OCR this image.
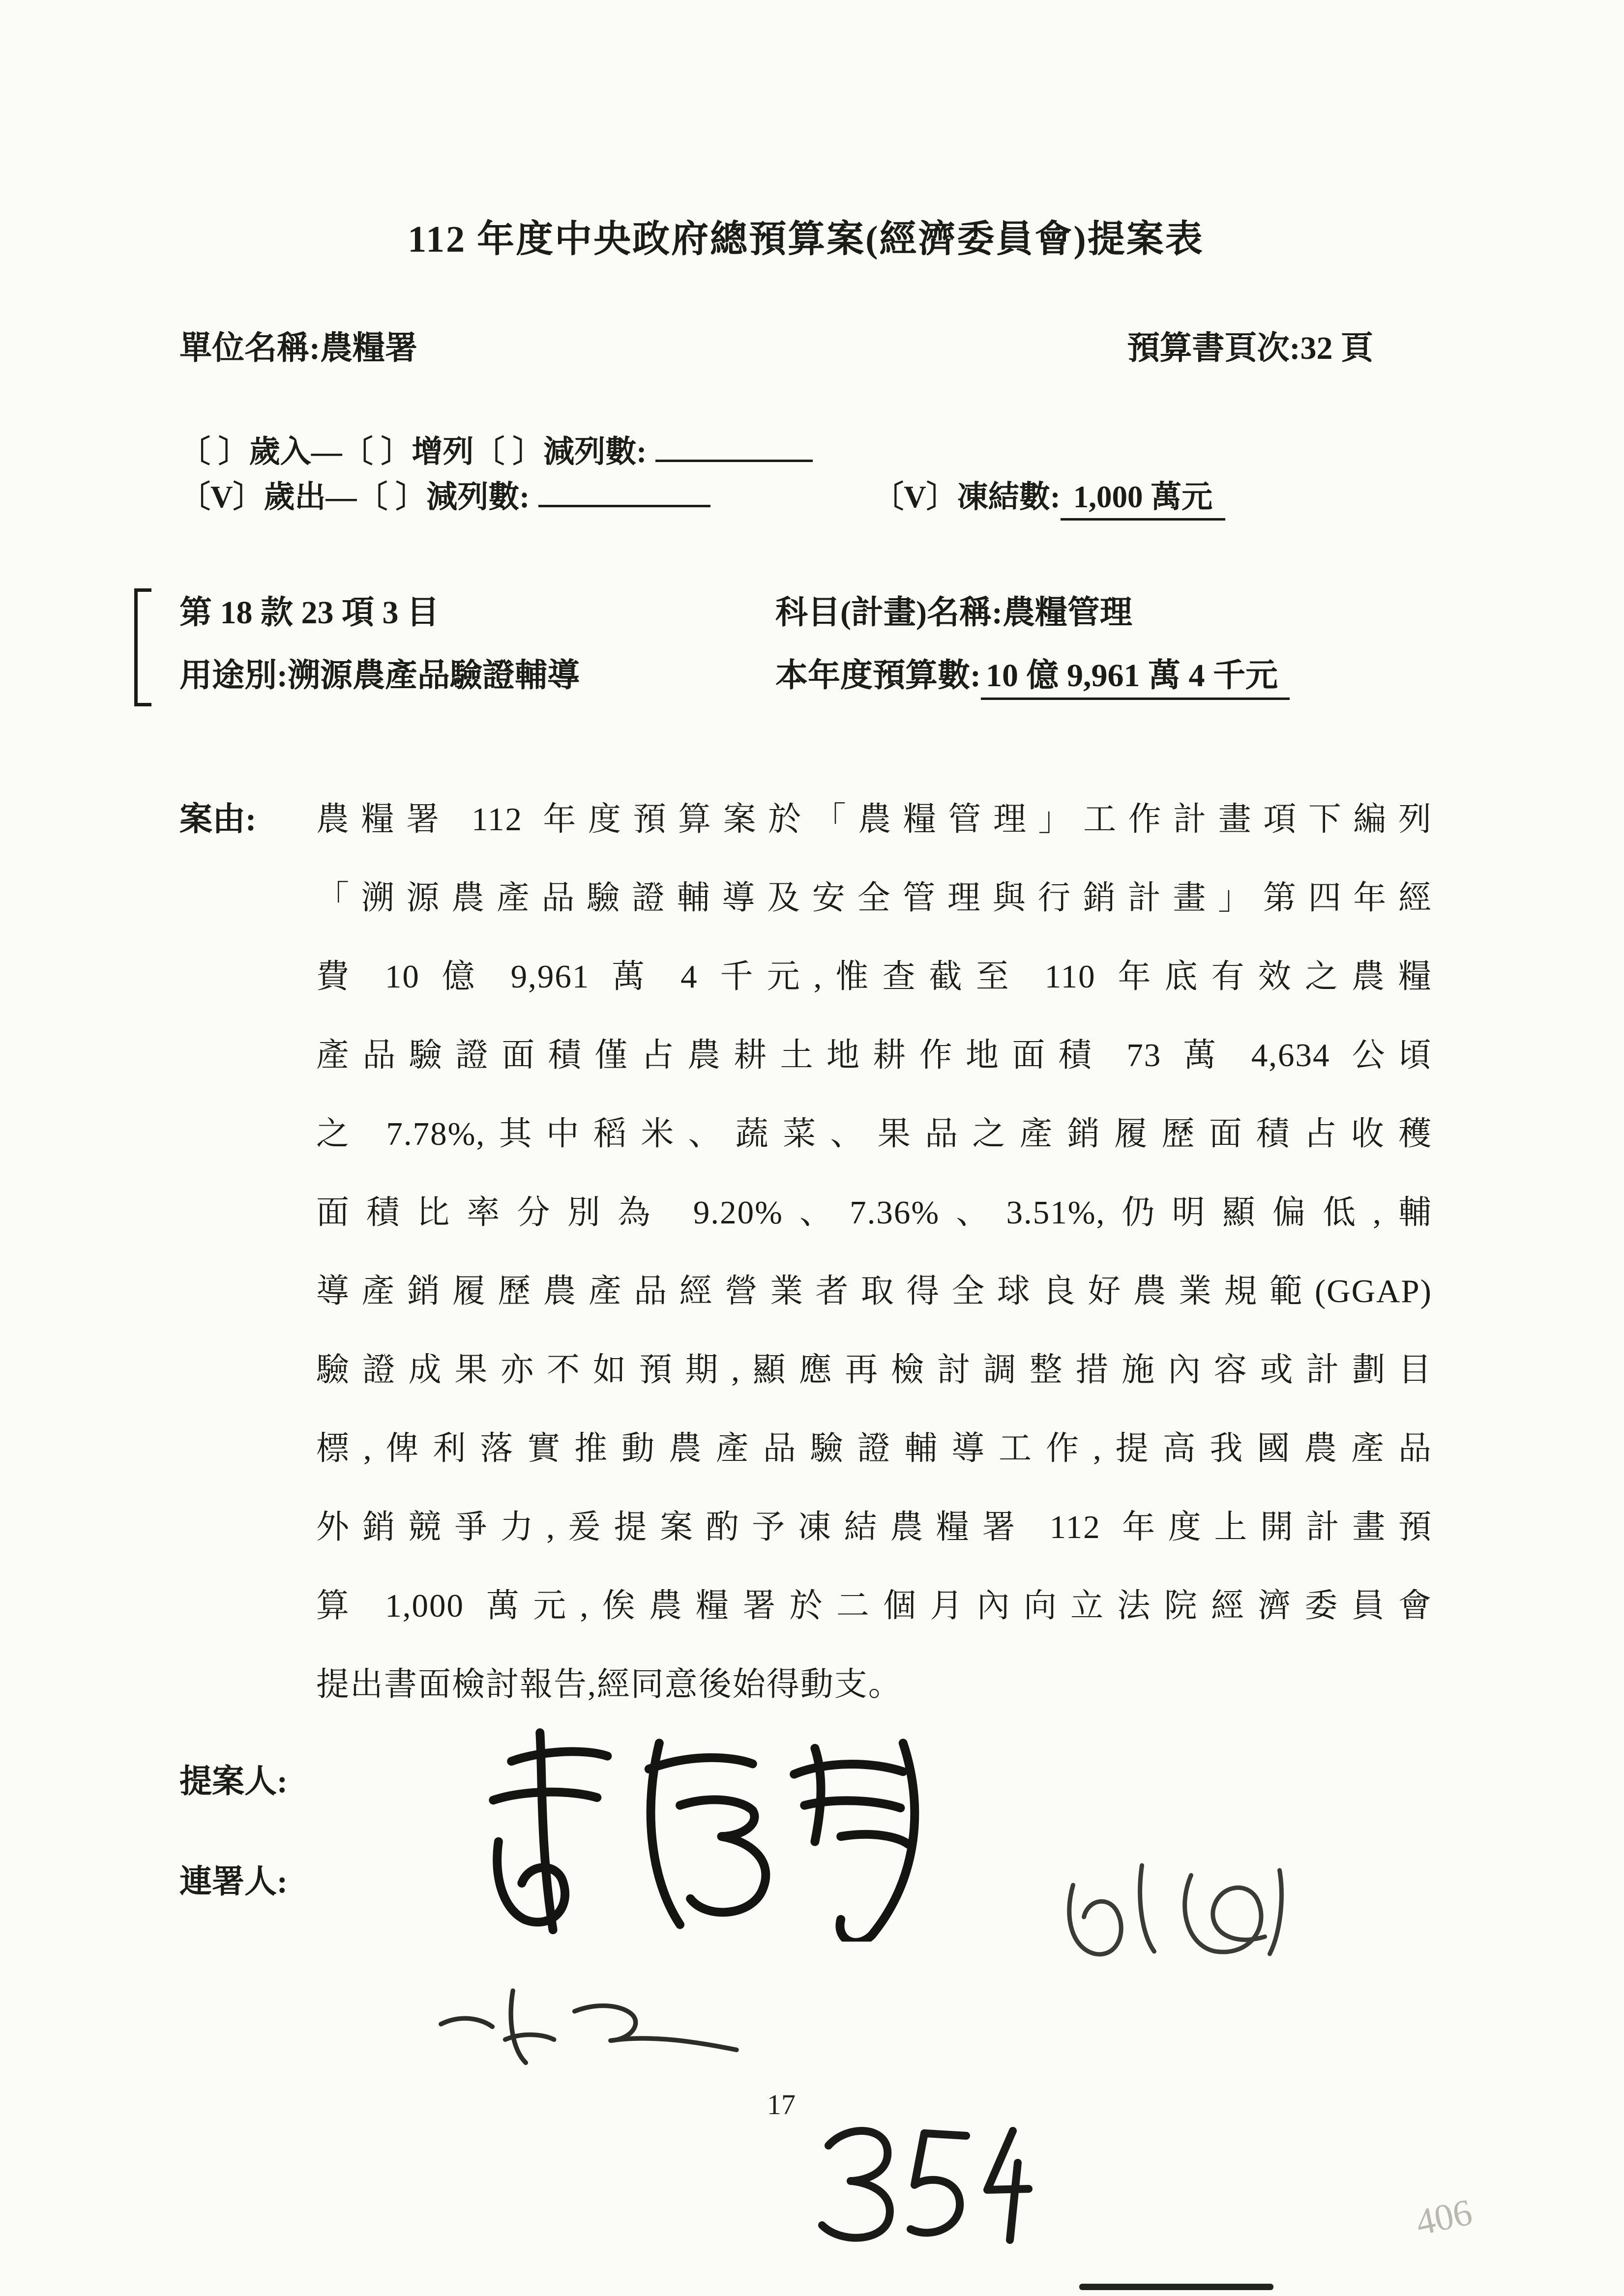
112 年度中央政府總預算案(經濟委員會)提案表
單位名稱:農糧署	預算書頁次:32 頁
〔 〕歲入—〔 〕增列〔 〕減列數:
〔V〕歲出—〔 〕減列數:	〔V〕凍結數: 1,000 萬元
第 18 款 23 項 3 目	科目(計畫)名稱:農糧管理
用途別:溯源農產品驗證輔導	本年度預算數: 10 億 9,961 萬 4 千元
案由: 農糧署 112 年度預算案於「農糧管理」工作計畫項下編列
「溯源農產品驗證輔導及安全管理與行銷計畫」第四年經
費 10 億 9,961 萬 4 千元,惟查截至 110 年底有效之農糧
產品驗證面積僅占農耕土地耕作地面積 73 萬 4,634 公頃
之 7.78%,其中稻米、蔬菜、果品之產銷履歷面積占收穫
面積比率分別為 9.20%、7.36%、3.51%,仍明顯偏低,輔
導產銷履歷農產品經營業者取得全球良好農業規範(GGAP)
驗證成果亦不如預期,顯應再檢討調整措施內容或計劃目
標,俾利落實推動農產品驗證輔導工作,提高我國農產品
外銷競爭力,爰提案酌予凍結農糧署 112 年度上開計畫預
算 1,000 萬元,俟農糧署於二個月內向立法院經濟委員會
提出書面檢討報告,經同意後始得動支。
提案人:
連署人:
17
406
